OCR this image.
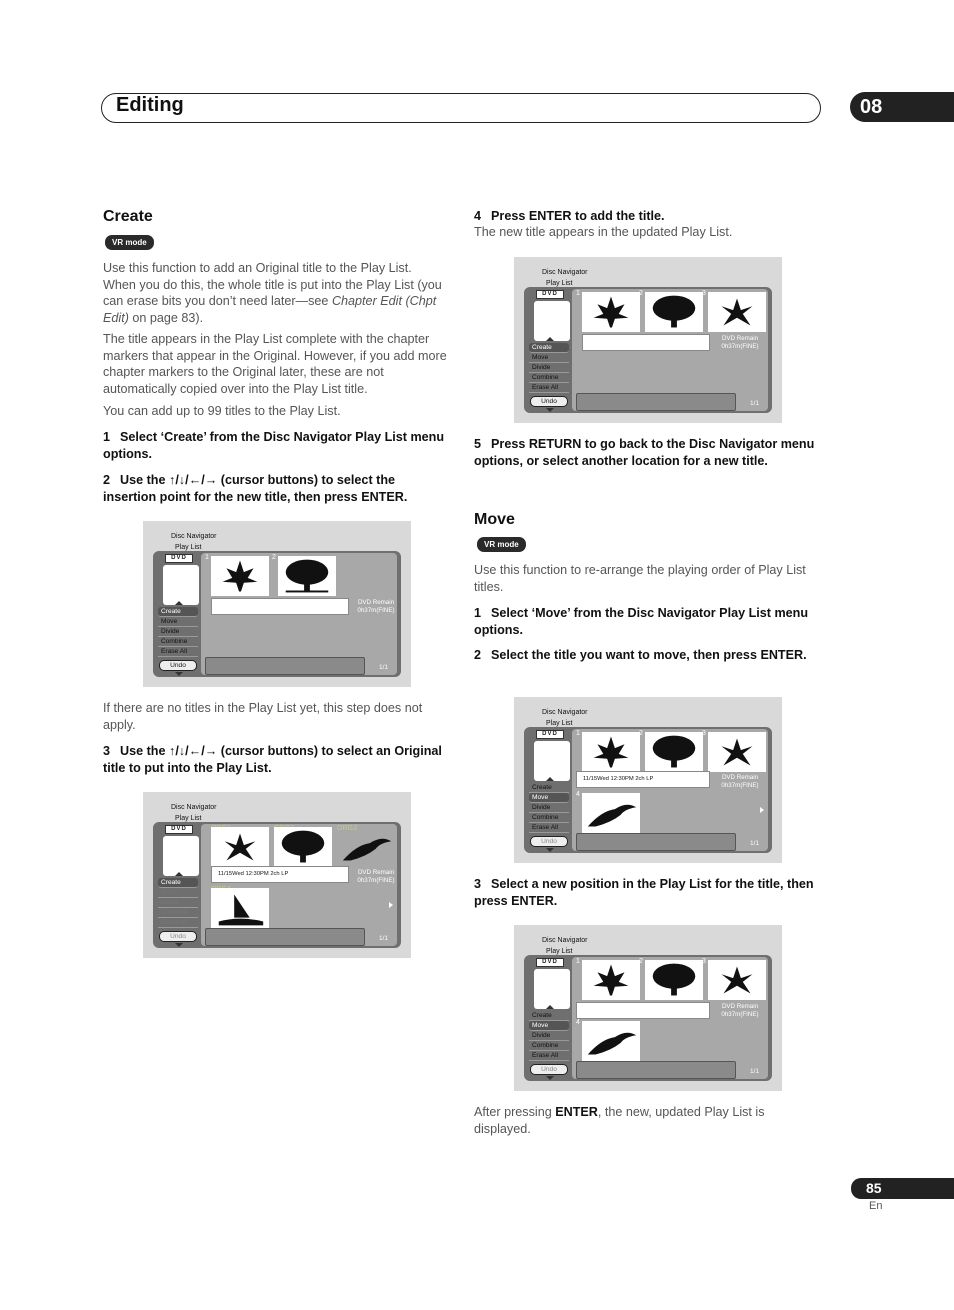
Editing	08
Create
VR mode
Use this function to add an Original title to the Play List. When you do this, the whole title is put into the Play List (you can erase bits you don’t need later—see Chapter Edit (Chpt Edit) on page 83).
The title appears in the Play List complete with the chapter markers that appear in the Original. However, if you add more chapter markers to the Original later, these are not automatically copied over into the Play List title.
You can add up to 99 titles to the Play List.
1 Select ‘Create’ from the Disc Navigator Play List menu options.
2 Use the ↑/↓/←/→ (cursor buttons) to select the insertion point for the new title, then press ENTER.
Disc Navigator
DVD
Create
Move
Divide
Combine
Erase All
Undo
1	2
DVD Remain
0h37m(FINE)
1/1
Play List
If there are no titles in the Play List yet, this step does not apply.
3 Use the ↑/↓/←/→ (cursor buttons) to select an Original title to put into the Play List.
Disc Navigator
DVD
Create
Move
Divide
Combine
Erase All
Undo
ORG3
11/15Wed 12:30PM 2ch LP	DVD Remain
0h37m(FINE)
1/1
Play List
4 Press ENTER to add the title.
The new title appears in the updated Play List.
Disc Navigator
DVD
Create
Move
Divide
Combine
Erase All
Undo
1	2	3
DVD Remain
0h37m(FINE)
1/1
Play List
5 Press RETURN to go back to the Disc Navigator menu options, or select another location for a new title.
Move
VR mode
Use this function to re-arrange the playing order of Play List titles.
1 Select ‘Move’ from the Disc Navigator Play List menu options.
2 Select the title you want to move, then press ENTER.
Disc Navigator
DVD
Create
Move
Divide
Combine
Erase All
Undo
1	2	3
11/15Wed 12:30PM 2ch LP	DVD Remain
0h37m(FINE)
4
1/1
Play List
3 Select a new position in the Play List for the title, then press ENTER.
Disc Navigator
DVD
Create
Move
Divide
Combine
Erase All
Undo
1	2	3
DVD Remain
0h37m(FINE)
4
1/1
Play List
After pressing ENTER, the new, updated Play List is displayed.
85
En
